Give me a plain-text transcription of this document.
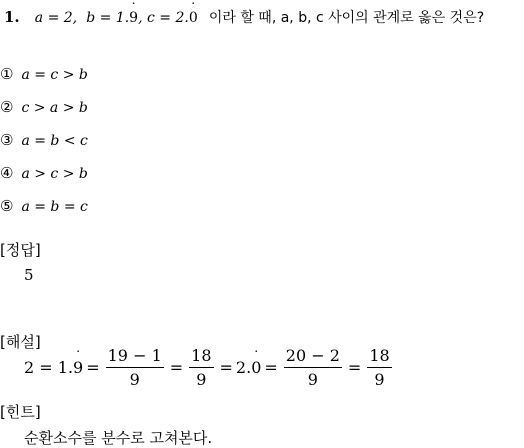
1. a = 2, b = 1.9 ˙, c = 2.0 ˙ 이라 할 때, a, b, c 사이의 관계로 옳은 것은?
① a = c > b
② c > a > b
③ a = b < c
④ a > c > b
⑤ a = b = c
[정답]
5
[해설]
2 = 1.9 ˙ = $\frac{19 - 1}{9} = \frac{18}{9} = 2.0$ ˙ = $\frac{20 - 2}{9} = \frac{18}{9}$
[힌트]
순환소수를 분수로 고쳐본다.
